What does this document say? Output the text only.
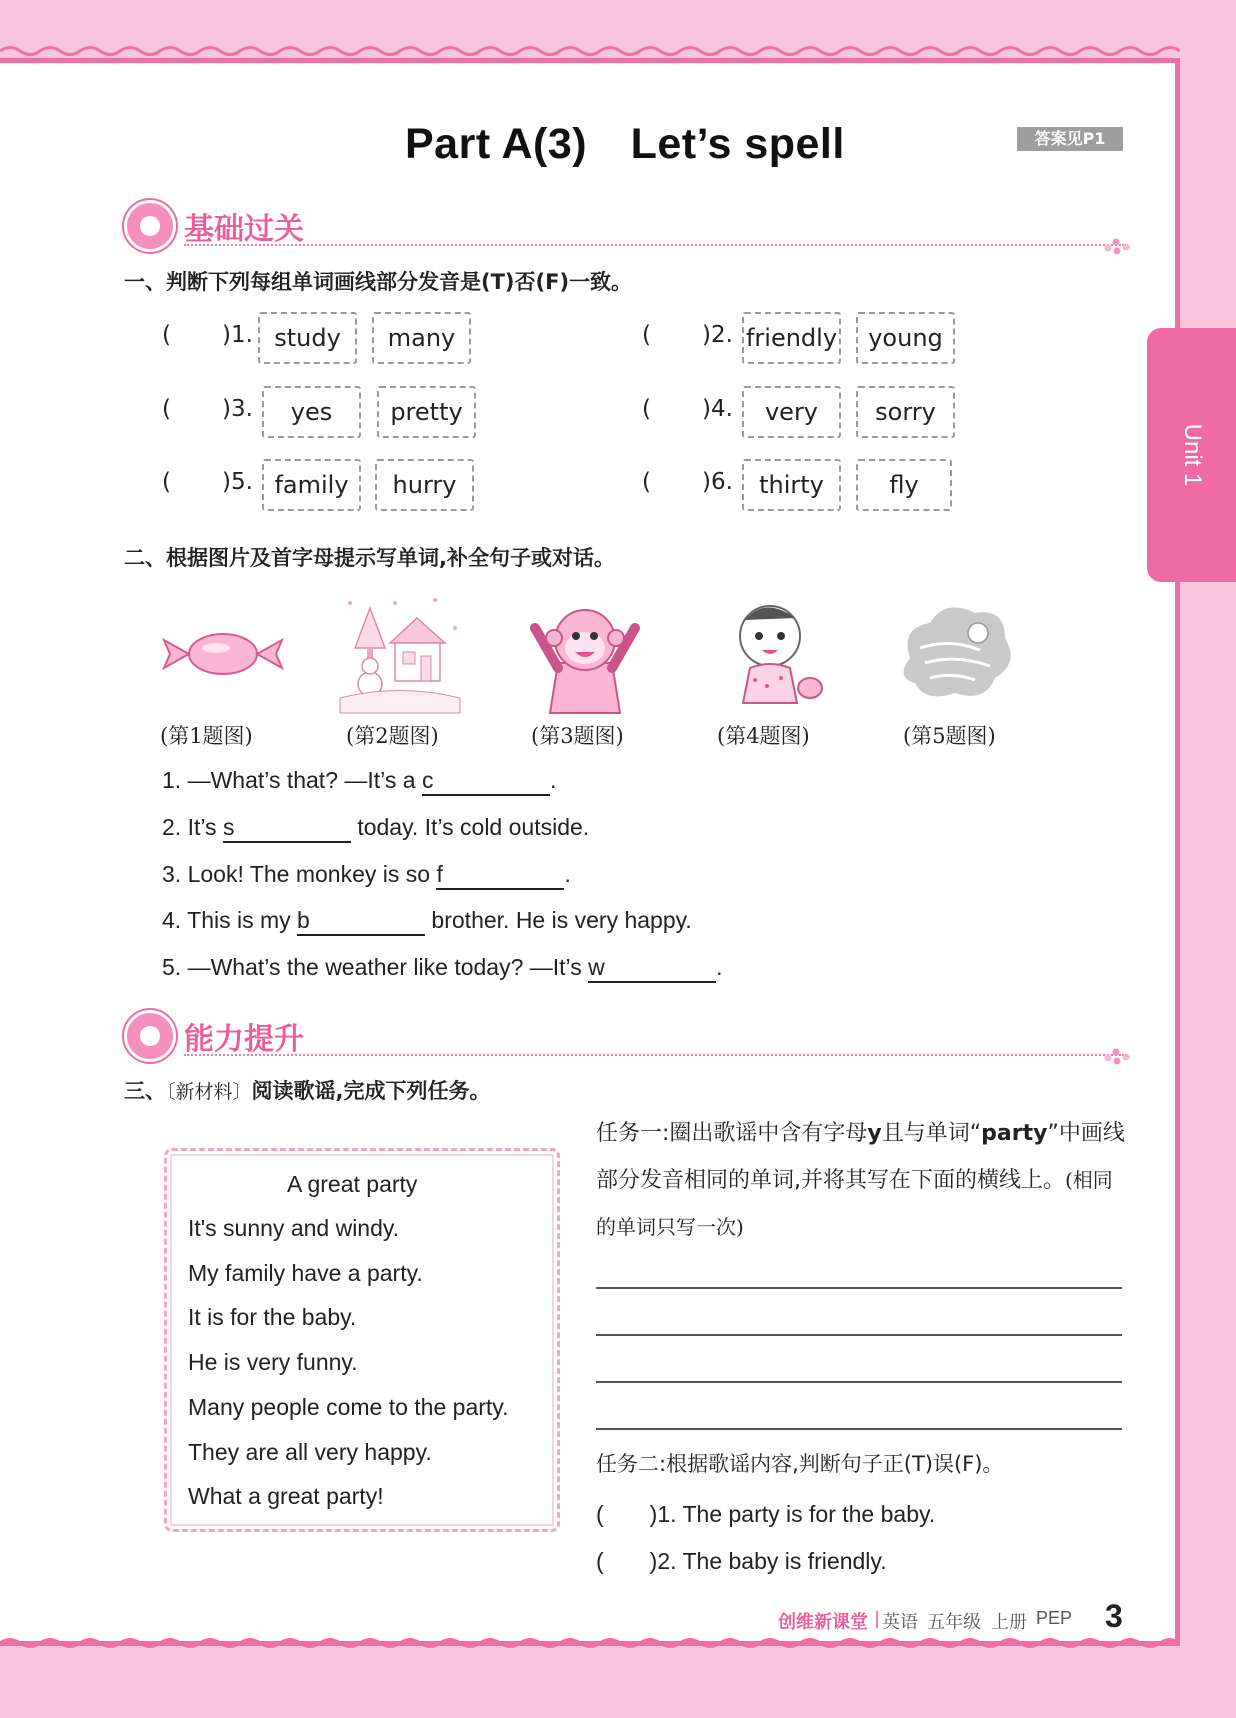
Part A(3)　Let’s spell	答案见P1
Unit 1
基础过关
一、判断下列每组单词画线部分发音是(T)否(F)一致。
( )1. study	many	( )2. friendly	young
( )3.	yes	pretty	( )4.	very	sorry
( )5. family	hurry	( )6.	thirty	fly
二、根据图片及首字母提示写单词,补全句子或对话。
(第1题图)	(第2题图)	(第3题图)	(第4题图)	(第5题图)
1. —What’s that? —It’s a c	.
2. It’s s	today. It’s cold outside.
3. Look! The monkey is so f	.
4. This is my b	brother. He is very happy.
5. —What’s the weather like today? —It’s w	.
能力提升
三、〔新材料〕阅读歌谣,完成下列任务。
A great party
It's sunny and windy.
My family have a party.
It is for the baby.
He is very funny.
Many people come to the party.
They are all very happy.
What a great party!
任务一:圈出歌谣中含有字母y且与单词“party”中画线部分发音相同的单词,并将其写在下面的横线上。(相同的单词只写一次)
任务二:根据歌谣内容,判断句子正(T)误(F)。
(　　)1. The party is for the baby.
(　　)2. The baby is friendly.
创维新课堂 | 英语 五年级 上册 PEP 3
